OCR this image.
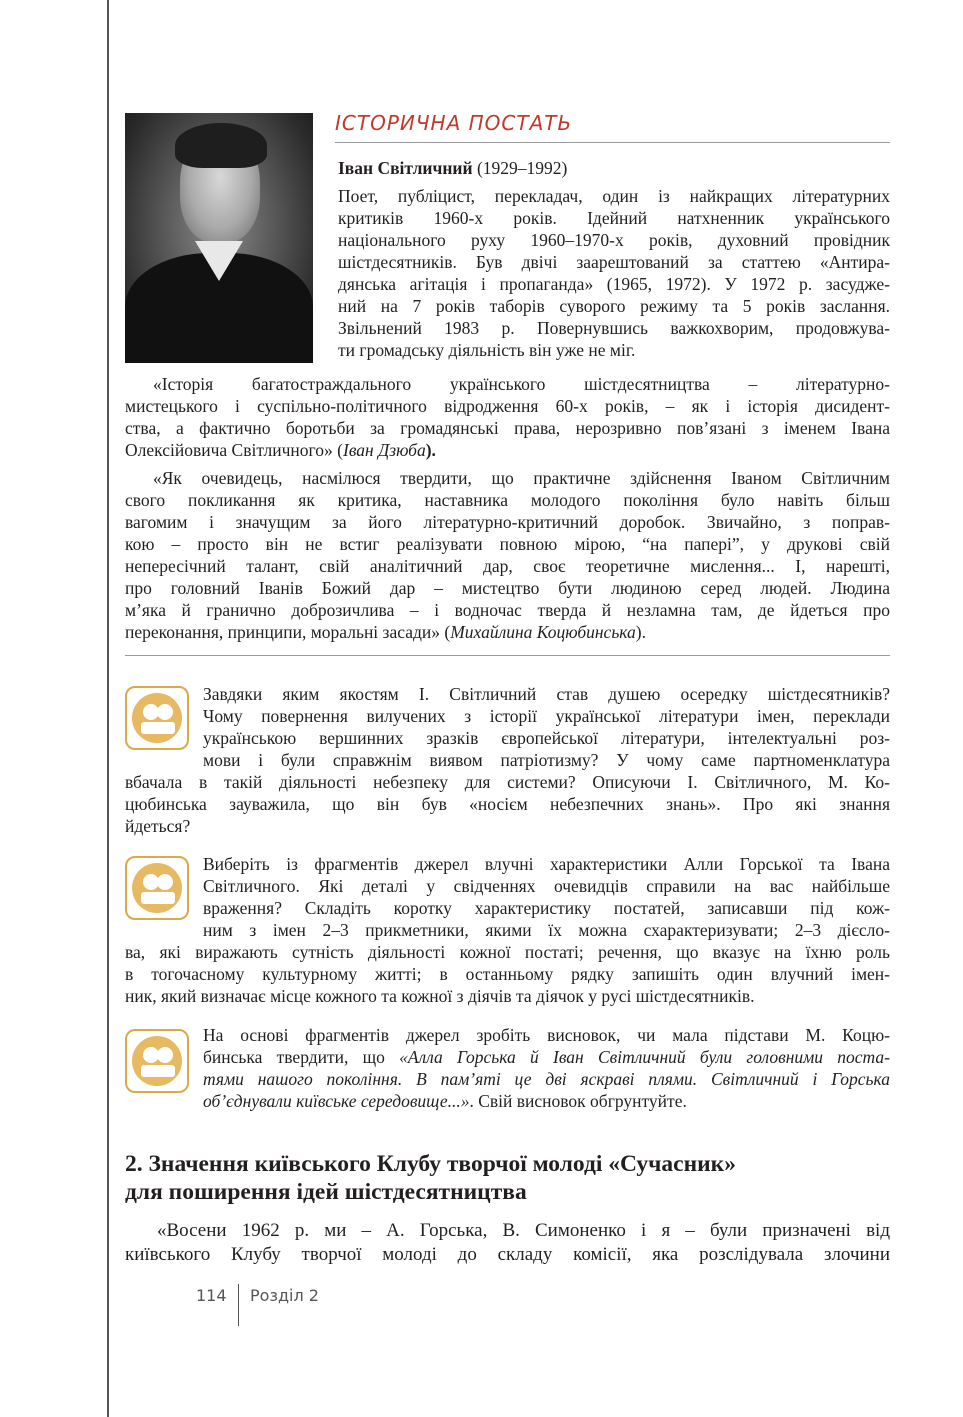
ІСТОРИЧНА ПОСТАТЬ
Іван Світличний (1929–1992)
Поет, публіцист, перекладач, один із найкращих літературних
критиків 1960-х років. Ідейний натхненник українського
національного руху 1960–1970-х років, духовний провідник
шістдесятників. Був двічі заарештований за статтею «Антира-
дянська агітація і пропаганда» (1965, 1972). У 1972 р. засудже-
ний на 7 років таборів суворого режиму та 5 років заслання.
Звільнений 1983 р. Повернувшись важкохворим, продовжува-
ти громадську діяльність він уже не міг.
«Історія багатостраждального українського шістдесятництва – літературно-
мистецького і суспільно-політичного відродження 60-х років, – як і історія дисидент-
ства, а фактично боротьби за громадянські права, нерозривно пов’язані з іменем Івана
Олексійовича Світличного» (Іван Дзюба).
«Як очевидець, насмілюся твердити, що практичне здійснення Іваном Світличним
свого покликання як критика, наставника молодого покоління було навіть більш
вагомим і значущим за його літературно-критичний доробок. Звичайно, з поправ-
кою – просто він не встиг реалізувати повною мірою, “на папері”, у друкові свій
непересічний талант, свій аналітичний дар, своє теоретичне мислення... І, нарешті,
про головний Іванів Божий дар – мистецтво бути людиною серед людей. Людина
м’яка й гранично доброзичлива – і водночас тверда й незламна там, де йдеться про
переконання, принципи, моральні засади» (Михайлина Коцюбинська).
Завдяки яким якостям І. Світличний став душею осередку шістдесятників?
Чому повернення вилучених з історії української літератури імен, переклади
українською вершинних зразків європейської літератури, інтелектуальні роз-
мови і були справжнім виявом патріотизму? У чому саме партноменклатура
вбачала в такій діяльності небезпеку для системи? Описуючи І. Світличного, М. Ко-
цюбинська зауважила, що він був «носієм небезпечних знань». Про які знання
йдеться?
Виберіть із фрагментів джерел влучні характеристики Алли Горської та Івана
Світличного. Які деталі у свідченнях очевидців справили на вас найбільше
враження? Складіть коротку характеристику постатей, записавши під кож-
ним з імен 2–3 прикметники, якими їх можна схарактеризувати; 2–3 дієсло-
ва, які виражають сутність діяльності кожної постаті; речення, що вказує на їхню роль
в тогочасному культурному житті; в останньому рядку запишіть один влучний імен-
ник, який визначає місце кожного та кожної з діячів та діячок у русі шістдесятників.
На основі фрагментів джерел зробіть висновок, чи мала підстави М. Коцю-
бинська твердити, що «Алла Горська й Іван Світличний були головними поста-
тями нашого покоління. В пам’яті це дві яскраві плями. Світличний і Горська
об’єднували київське середовище...». Свій висновок обгрунтуйте.
2. Значення київського Клубу творчої молоді «Сучасник»
для поширення ідей шістдесятництва
«Восени 1962 р. ми – А. Горська, В. Симоненко і я – були призначені від
київського Клубу творчої молоді до складу комісії, яка розслідувала злочини
114 Розділ 2
